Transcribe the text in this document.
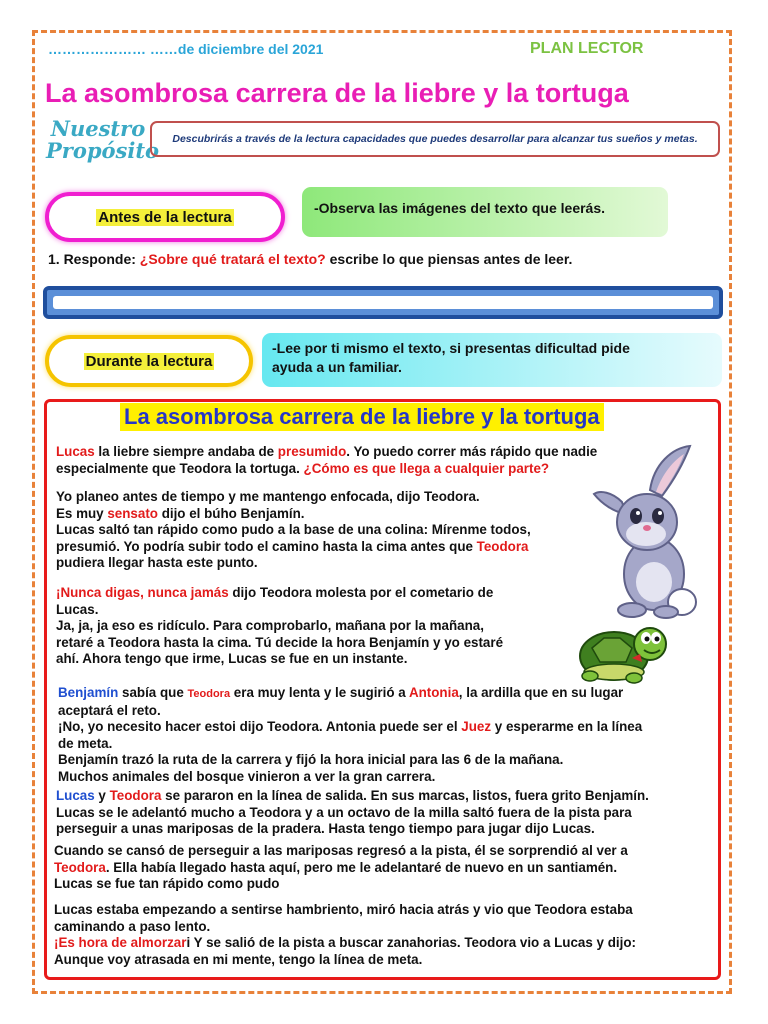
………………… ……de diciembre del 2021	PLAN LECTOR
La asombrosa carrera de la liebre y la tortuga
Nuestro
Propósito Descubrirás a través de la lectura capacidades que puedes desarrollar para alcanzar tus sueños y metas.
Antes de la lectura
-Observa las imágenes del texto que leerás.
1. Responde: ¿Sobre qué tratará el texto? escribe lo que piensas antes de leer.
Durante la lectura
-Lee por ti mismo el texto, si presentas dificultad pide
ayuda a un familiar.
La asombrosa carrera de la liebre y la tortuga
Lucas la liebre siempre andaba de presumido. Yo puedo correr más rápido que nadie
especialmente que Teodora la tortuga. ¿Cómo es que llega a cualquier parte?
Yo planeo antes de tiempo y me mantengo enfocada, dijo Teodora.
Es muy sensato dijo el búho Benjamín.
Lucas saltó tan rápido como pudo a la base de una colina: Mírenme todos,
presumió. Yo podría subir todo el camino hasta la cima antes que Teodora
pudiera llegar hasta este punto.
¡Nunca digas, nunca jamás dijo Teodora molesta por el cometario de
Lucas.
Ja, ja, ja eso es ridículo. Para comprobarlo, mañana por la mañana,
retaré a Teodora hasta la cima. Tú decide la hora Benjamín y yo estaré
ahí. Ahora tengo que irme, Lucas se fue en un instante.
Benjamín sabía que Teodora era muy lenta y le sugirió a Antonia, la ardilla que en su lugar
aceptará el reto.
¡No, yo necesito hacer estoi dijo Teodora. Antonia puede ser el Juez y esperarme en la línea
de meta.
Benjamín trazó la ruta de la carrera y fijó la hora inicial para las 6 de la mañana.
Muchos animales del bosque vinieron a ver la gran carrera.
Lucas y Teodora se pararon en la línea de salida. En sus marcas, listos, fuera grito Benjamín.
Lucas se le adelantó mucho a Teodora y a un octavo de la milla saltó fuera de la pista para
perseguir a unas mariposas de la pradera. Hasta tengo tiempo para jugar dijo Lucas.
Cuando se cansó de perseguir a las mariposas regresó a la pista, él se sorprendió al ver a
Teodora. Ella había llegado hasta aquí, pero me le adelantaré de nuevo en un santiamén.
Lucas se fue tan rápido como pudo
Lucas estaba empezando a sentirse hambriento, miró hacia atrás y vio que Teodora estaba
caminando a paso lento.
¡Es hora de almorzari Y se salió de la pista a buscar zanahorias. Teodora vio a Lucas y dijo:
Aunque voy atrasada en mi mente, tengo la línea de meta.
